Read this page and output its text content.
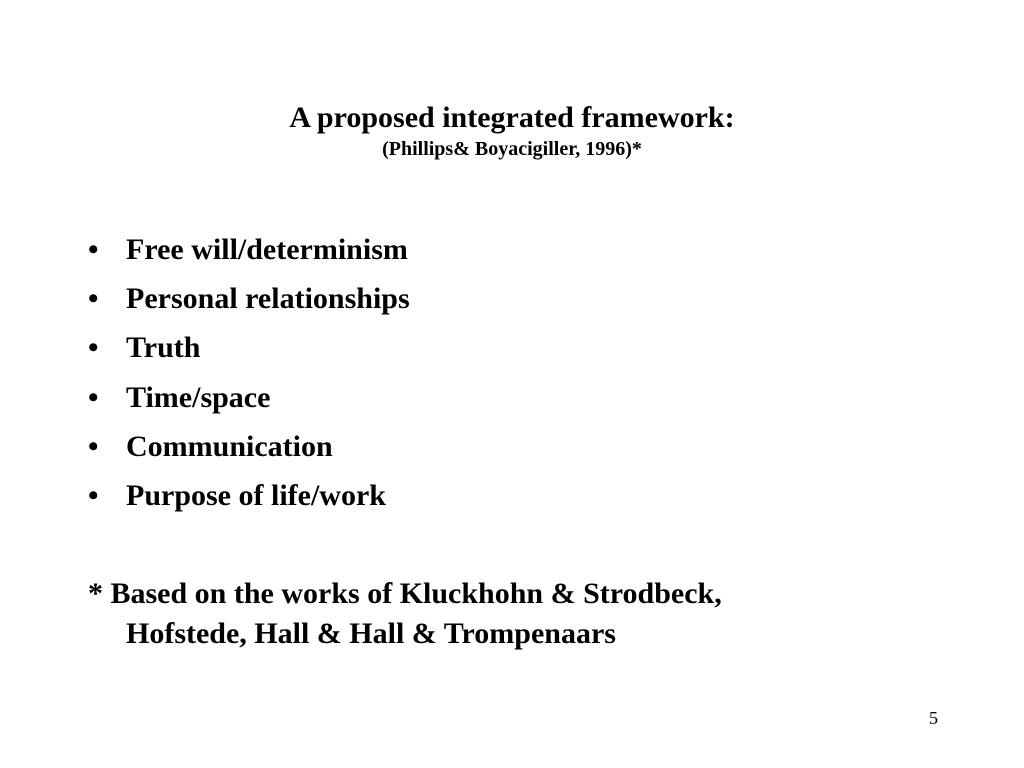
A proposed integrated framework:

(Phillips& Boyacigiller, 1996)*

• Free will/determinism
• Personal relationships
• Truth
• Time/space
• Communication
• Purpose of life/work
* Based on the works of Kluckhohn & Strodbeck,
Hofstede, Hall & Hall & Trompenaars
5
